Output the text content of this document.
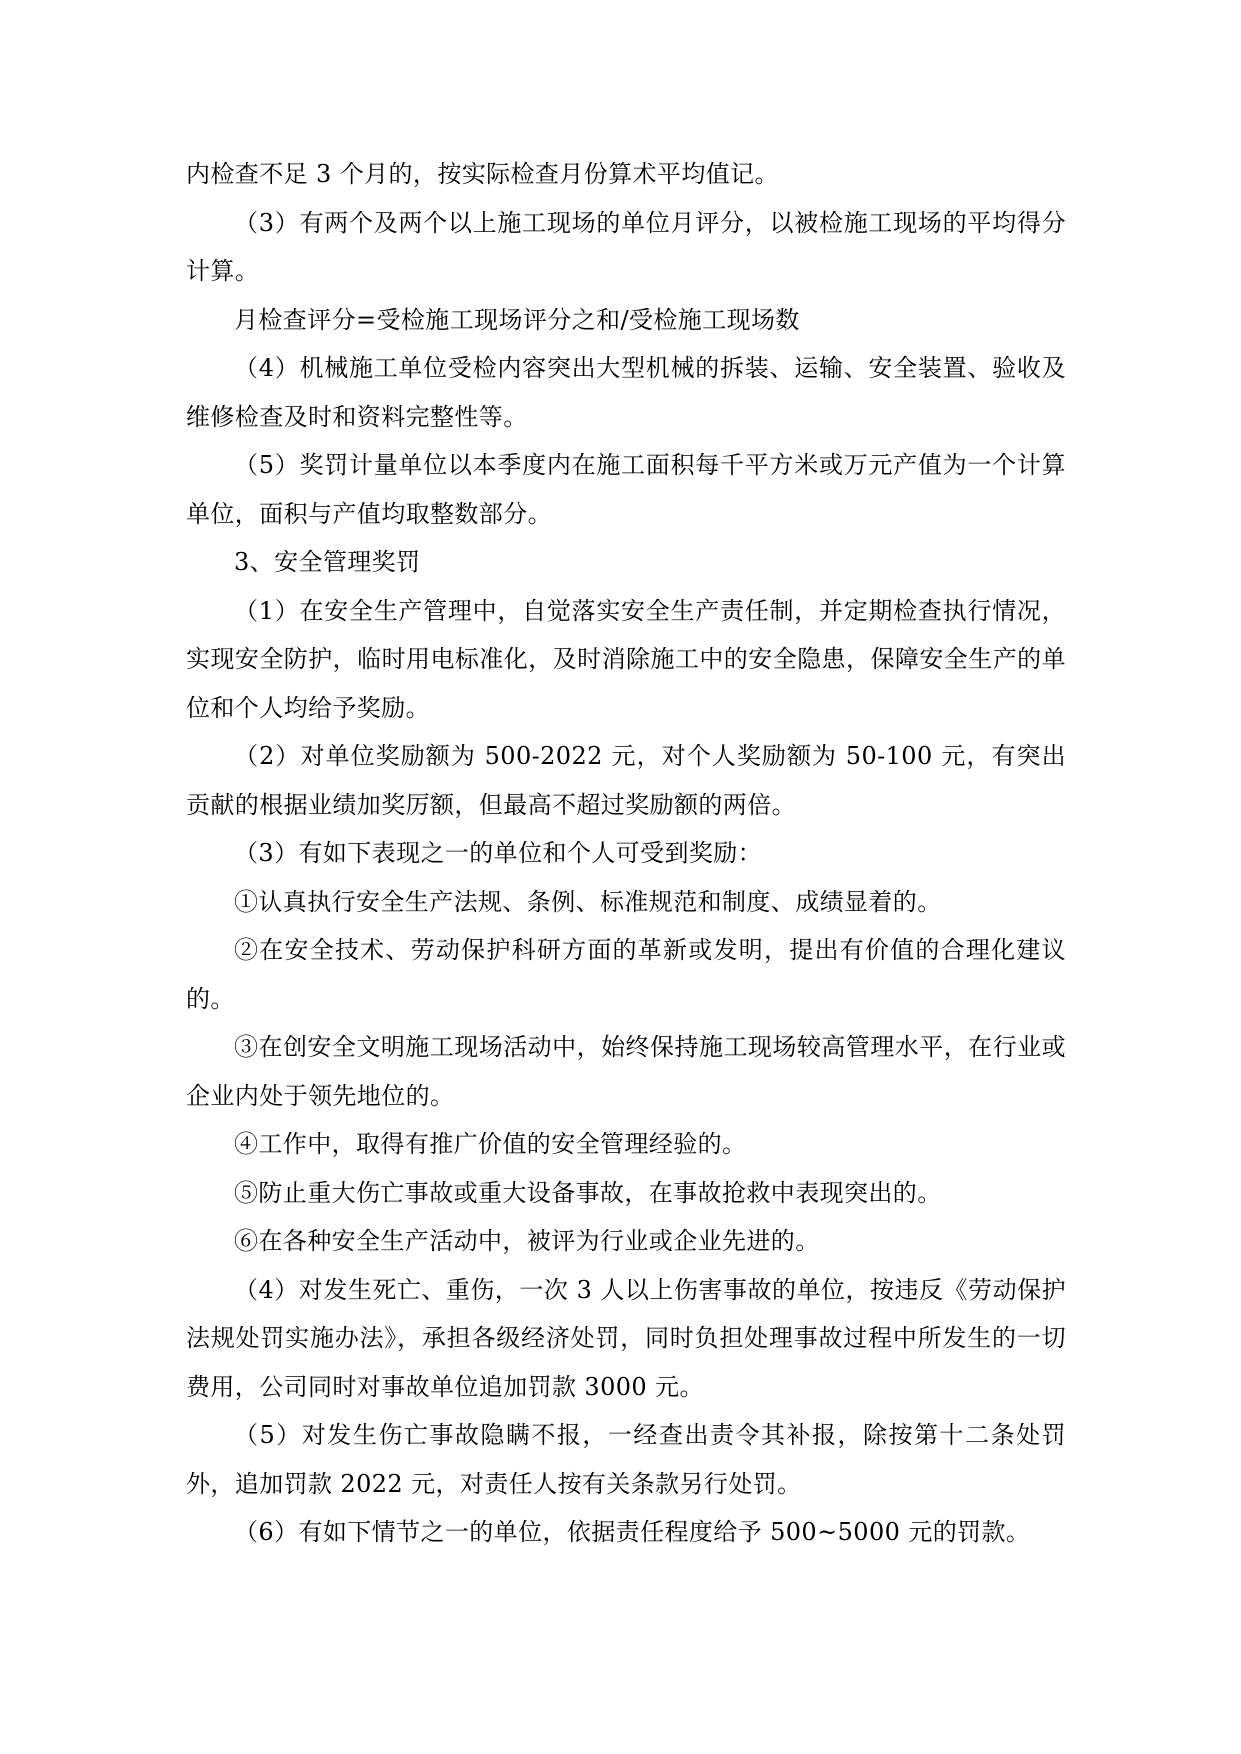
内检查不足 3 个月的，按实际检查月份算术平均值记。

（3）有两个及两个以上施工现场的单位月评分，以被检施工现场的平均得分计算。

月检查评分=受检施工现场评分之和/受检施工现场数

（4）机械施工单位受检内容突出大型机械的拆装、运输、安全装置、验收及维修检查及时和资料完整性等。

（5）奖罚计量单位以本季度内在施工面积每千平方米或万元产值为一个计算单位，面积与产值均取整数部分。

3、安全管理奖罚

（1）在安全生产管理中，自觉落实安全生产责任制，并定期检查执行情况，实现安全防护，临时用电标准化，及时消除施工中的安全隐患，保障安全生产的单位和个人均给予奖励。

（2）对单位奖励额为 500-2022 元，对个人奖励额为 50-100 元，有突出贡献的根据业绩加奖厉额，但最高不超过奖励额的两倍。

（3）有如下表现之一的单位和个人可受到奖励：

①认真执行安全生产法规、条例、标准规范和制度、成绩显着的。

②在安全技术、劳动保护科研方面的革新或发明，提出有价值的合理化建议的。

③在创安全文明施工现场活动中，始终保持施工现场较高管理水平，在行业或企业内处于领先地位的。

④工作中，取得有推广价值的安全管理经验的。

⑤防止重大伤亡事故或重大设备事故，在事故抢救中表现突出的。

⑥在各种安全生产活动中，被评为行业或企业先进的。

（4）对发生死亡、重伤，一次 3 人以上伤害事故的单位，按违反《劳动保护法规处罚实施办法》，承担各级经济处罚，同时负担处理事故过程中所发生的一切费用，公司同时对事故单位追加罚款 3000 元。

（5）对发生伤亡事故隐瞒不报，一经查出责令其补报，除按第十二条处罚外，追加罚款 2022 元，对责任人按有关条款另行处罚。

（6）有如下情节之一的单位，依据责任程度给予 500~5000 元的罚款。
